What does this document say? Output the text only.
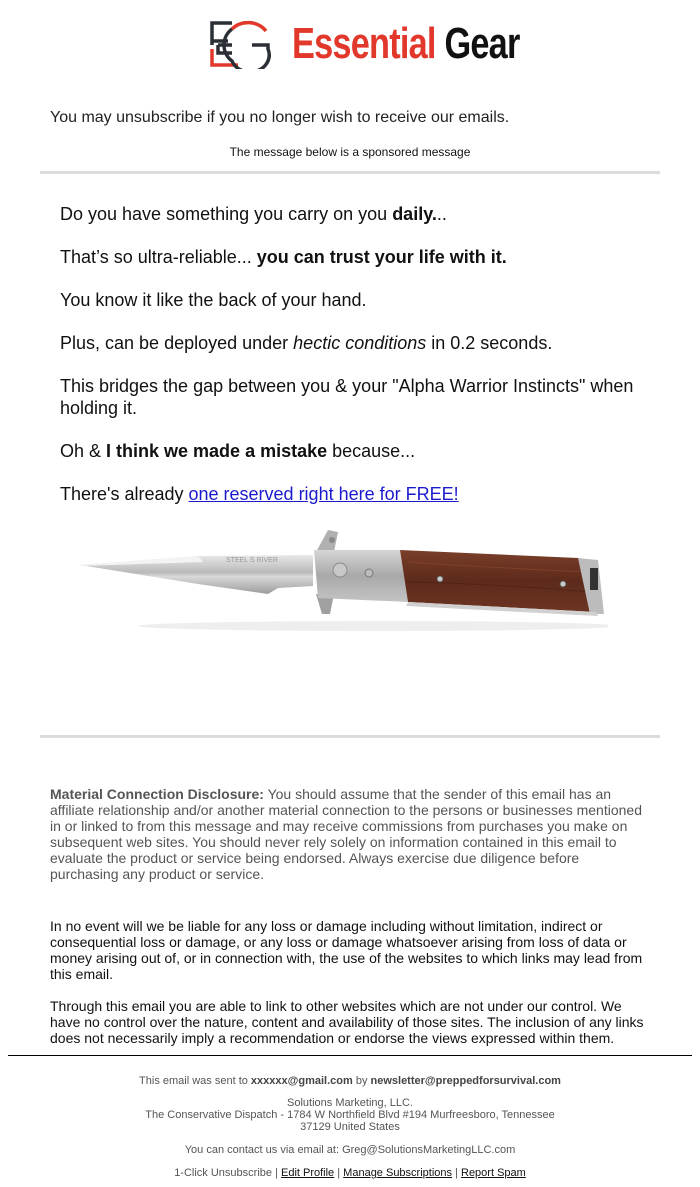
Essential Gear
You may unsubscribe if you no longer wish to receive our emails.
The message below is a sponsored message

Do you have something you carry on you daily...

That’s so ultra-reliable... you can trust your life with it.

You know it like the back of your hand.

Plus, can be deployed under hectic conditions in 0.2 seconds.

This bridges the gap between you & your "Alpha Warrior Instincts" when holding it.

Oh & I think we made a mistake because...

There's already one reserved right here for FREE!

STEEL S RIVER
Material Connection Disclosure: You should assume that the sender of this email has an affiliate relationship and/or another material connection to the persons or businesses mentioned in or linked to from this message and may receive commissions from purchases you make on subsequent web sites. You should never rely solely on information contained in this email to evaluate the product or service being endorsed. Always exercise due diligence before purchasing any product or service.
In no event will we be liable for any loss or damage including without limitation, indirect or consequential loss or damage, or any loss or damage whatsoever arising from loss of data or money arising out of, or in connection with, the use of the websites to which links may lead from this email.
Through this email you are able to link to other websites which are not under our control. We have no control over the nature, content and availability of those sites. The inclusion of any links does not necessarily imply a recommendation or endorse the views expressed within them.
This email was sent to xxxxxx@gmail.com by newsletter@preppedforsurvival.com
Solutions Marketing, LLC.
The Conservative Dispatch - 1784 W Northfield Blvd #194 Murfreesboro, Tennessee
37129 United States
You can contact us via email at: Greg@SolutionsMarketingLLC.com
1-Click Unsubscribe | Edit Profile | Manage Subscriptions | Report Spam
